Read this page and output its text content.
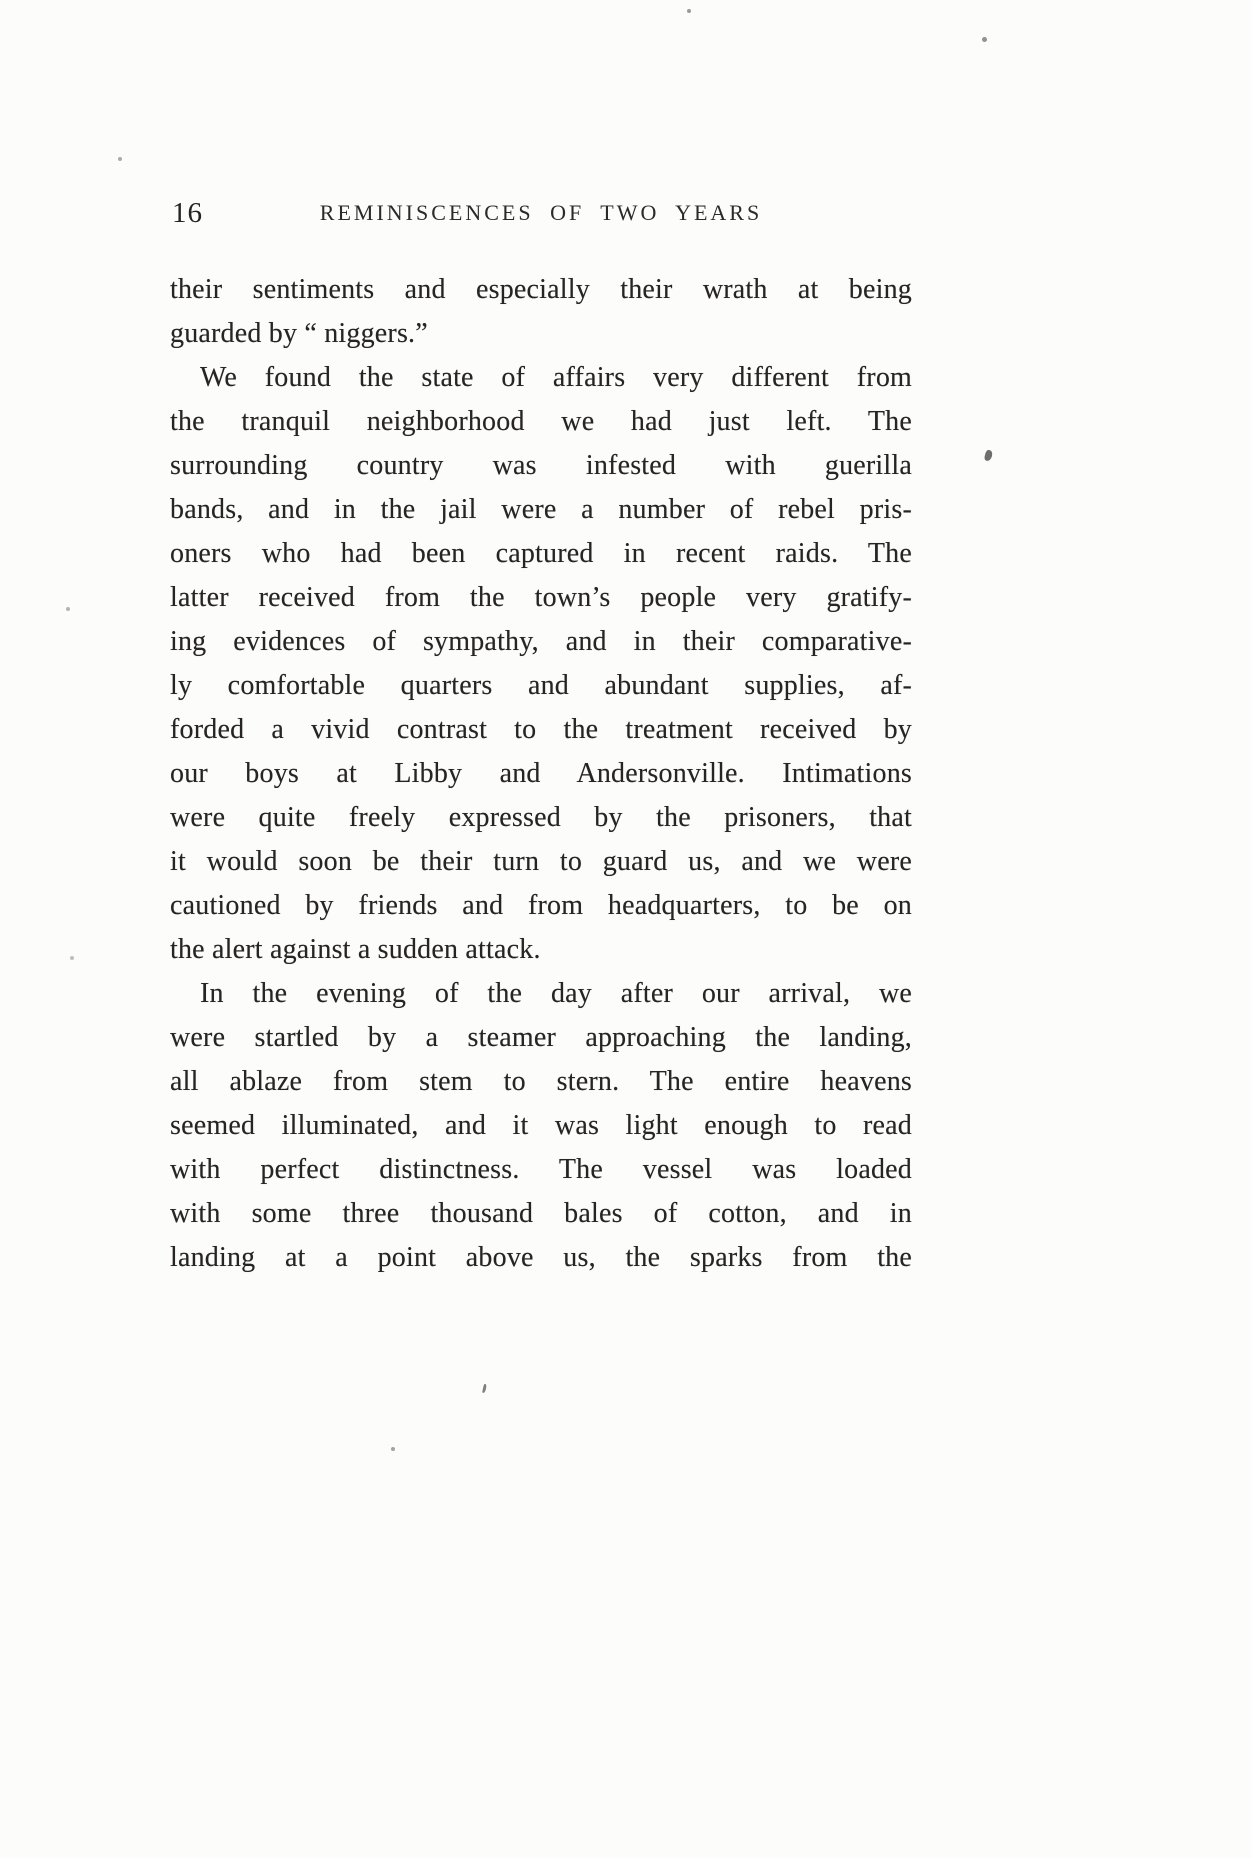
16	REMINISCENCES OF TWO YEARS
their sentiments and especially their wrath at being
guarded by “ niggers.”
We found the state of affairs very different from
the tranquil neighborhood we had just left. The
surrounding country was infested with guerilla
bands, and in the jail were a number of rebel pris-
oners who had been captured in recent raids. The
latter received from the town’s people very gratify-
ing evidences of sympathy, and in their comparative-
ly comfortable quarters and abundant supplies, af-
forded a vivid contrast to the treatment received by
our boys at Libby and Andersonville. Intimations
were quite freely expressed by the prisoners, that
it would soon be their turn to guard us, and we were
cautioned by friends and from headquarters, to be on
the alert against a sudden attack.
In the evening of the day after our arrival, we
were startled by a steamer approaching the landing,
all ablaze from stem to stern. The entire heavens
seemed illuminated, and it was light enough to read
with perfect distinctness. The vessel was loaded
with some three thousand bales of cotton, and in
landing at a point above us, the sparks from the
